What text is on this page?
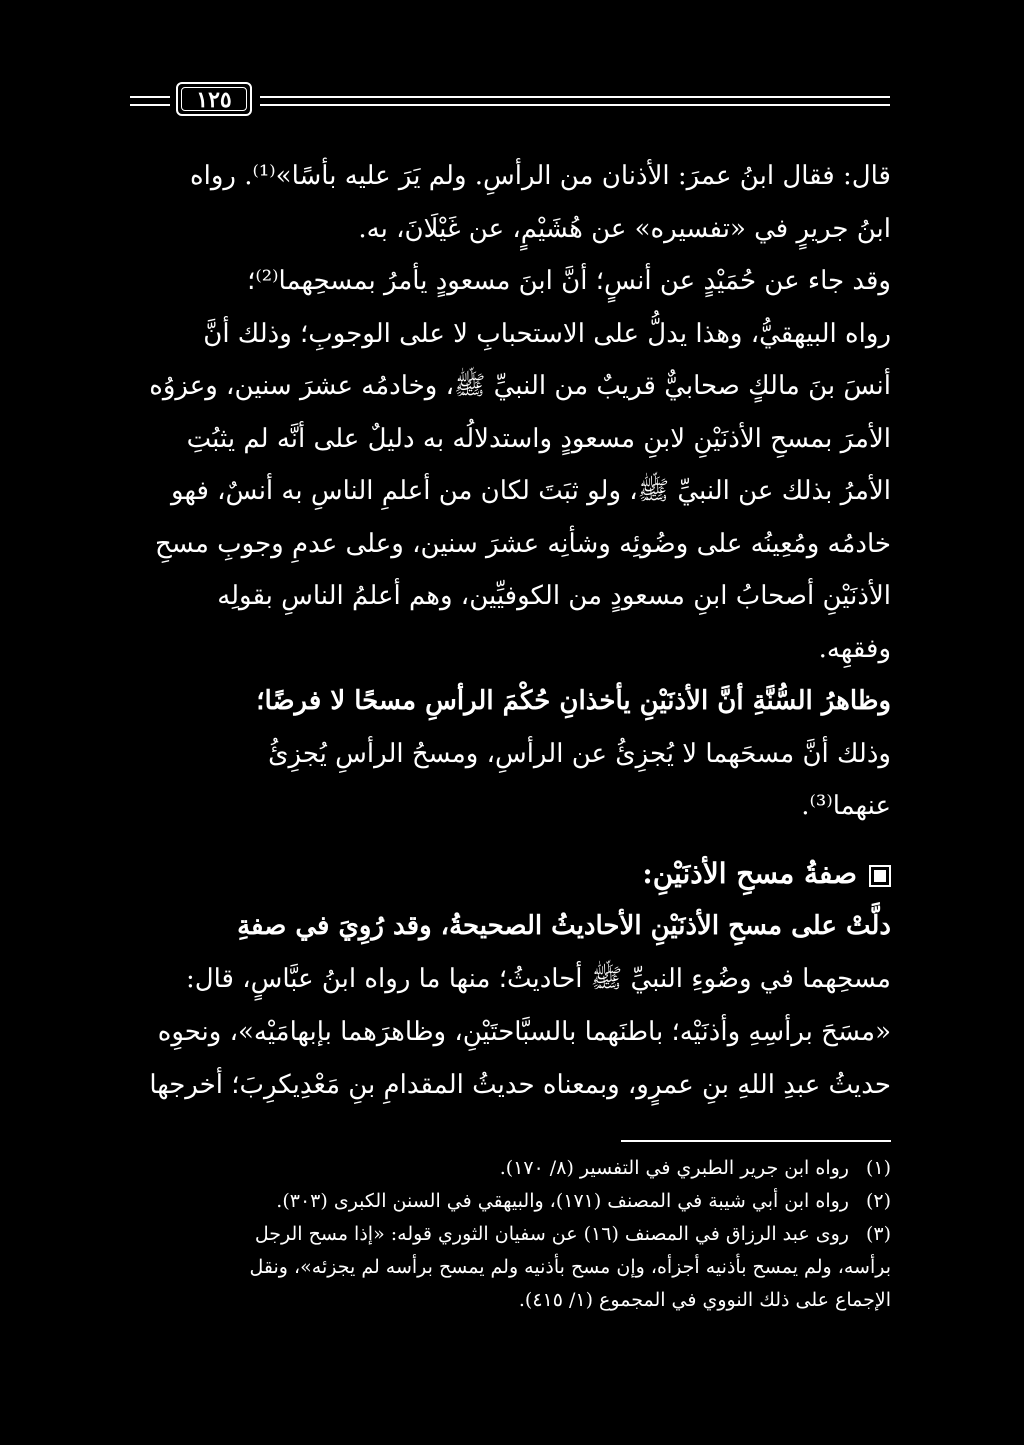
١٢٥

قال: فقال ابنُ عمرَ: الأذنان من الرأسِ. ولم يَرَ عليه بأسًا»⁽¹⁾. رواه

ابنُ جريرٍ في «تفسيره» عن هُشَيْمٍ، عن غَيْلَانَ، به.

وقد جاء عن حُمَيْدٍ عن أنسٍ؛ أنَّ ابنَ مسعودٍ يأمرُ بمسحِهما⁽²⁾؛

رواه البيهقيُّ، وهذا يدلُّ على الاستحبابِ لا على الوجوبِ؛ وذلك أنَّ

أنسَ بنَ مالكٍ صحابيٌّ قريبٌ من النبيِّ ﷺ، وخادمُه عشرَ سنين، وعزوُه

الأمرَ بمسحِ الأذنَيْنِ لابنِ مسعودٍ واستدلالُه به دليلٌ على أنَّه لم يثبُتِ

الأمرُ بذلك عن النبيِّ ﷺ، ولو ثبَتَ لكان من أعلمِ الناسِ به أنسٌ، فهو

خادمُه ومُعِينُه على وضُوئِه وشأنِه عشرَ سنين، وعلى عدمِ وجوبِ مسحِ

الأذنَيْنِ أصحابُ ابنِ مسعودٍ من الكوفيِّين، وهم أعلمُ الناسِ بقولِه

وفقهِه.

وظاهرُ السُّنَّةِ أنَّ الأذنَيْنِ يأخذانِ حُكْمَ الرأسِ مسحًا لا فرضًا؛

وذلك أنَّ مسحَهما لا يُجزِئُ عن الرأسِ، ومسحُ الرأسِ يُجزِئُ

عنهما⁽³⁾.

صفةُ مسحِ الأذنَيْنِ:

دلَّتْ على مسحِ الأذنَيْنِ الأحاديثُ الصحيحةُ، وقد رُوِيَ في صفةِ

مسحِهما في وضُوءِ النبيِّ ﷺ أحاديثُ؛ منها ما رواه ابنُ عبَّاسٍ، قال:

«مسَحَ برأسِهِ وأذنَيْه؛ باطنَهما بالسبَّاحتَيْنِ، وظاهرَهما بإبهامَيْه»، ونحوِه

حديثُ عبدِ اللهِ بنِ عمرٍو، وبمعناه حديثُ المقدامِ بنِ مَعْدِيكرِبَ؛ أخرجها

(١) رواه ابن جرير الطبري في التفسير (٨/ ١٧٠).

(٢) رواه ابن أبي شيبة في المصنف (١٧١)، والبيهقي في السنن الكبرى (٣٠٣).

(٣) روى عبد الرزاق في المصنف (١٦) عن سفيان الثوري قوله: «إذا مسح الرجل

برأسه، ولم يمسح بأذنيه أجزأه، وإن مسح بأذنيه ولم يمسح برأسه لم يجزئه»، ونقل

الإجماع على ذلك النووي في المجموع (١/ ٤١٥).
